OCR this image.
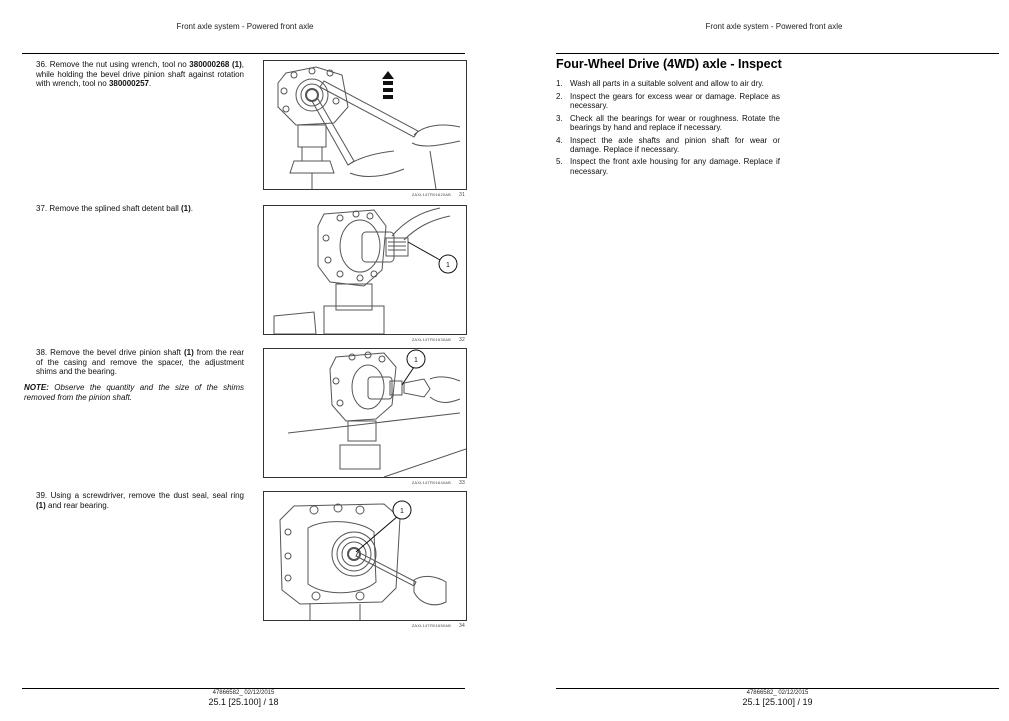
Front axle system - Powered front axle
36. Remove the nut using wrench, tool no 380000268 (1), while holding the bevel drive pinion shaft against rotation with wrench, tool no 380000257.
ZAXL14TR01620AB 31
37. Remove the splined shaft detent ball (1).
1
ZAXL14TR01630AB 32
38. Remove the bevel drive pinion shaft (1) from the rear of the casing and remove the spacer, the adjustment shims and the bearing.
NOTE: Observe the quantity and the size of the shims removed from the pinion shaft.
1
ZAXL14TR01640AB 33
39. Using a screwdriver, remove the dust seal, seal ring (1) and rear bearing.
1
ZAXL14TR01650AB 34
47866582_ 02/12/2015
25.1 [25.100] / 18
Front axle system - Powered front axle
Four-Wheel Drive (4WD) axle - Inspect
1. Wash all parts in a suitable solvent and allow to air dry.
2. Inspect the gears for excess wear or damage. Replace as necessary.
3. Check all the bearings for wear or roughness. Rotate the bearings by hand and replace if necessary.
4. Inspect the axle shafts and pinion shaft for wear or damage. Replace if necessary.
5. Inspect the front axle housing for any damage. Replace if necessary.
47866582_ 02/12/2015
25.1 [25.100] / 19
